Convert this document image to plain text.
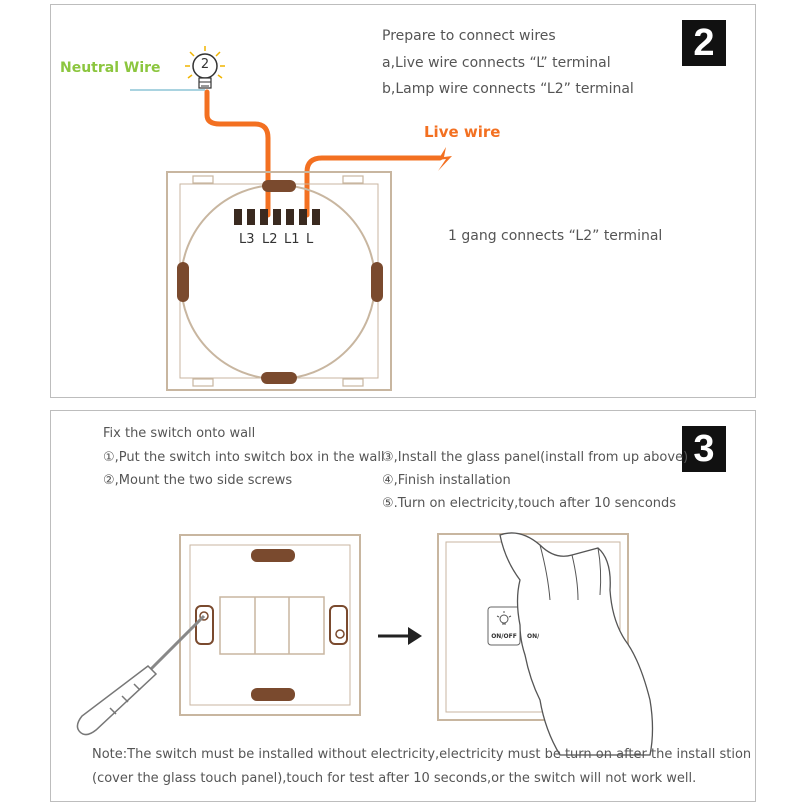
2
Prepare to connect wires
a,Live wire connects “L” terminal
b,Lamp wire connects “L2” terminal
Neutral Wire
Live wire
2
L3 L2 L1 L	1 gang connects “L2” terminal
3
Fix the switch onto wall
①,Put the switch into switch box in the wall
②,Mount the two side screws
③,Install the glass panel(install from up above)
④,Finish installation
⑤.Turn on electricity,touch after 10 senconds
ON/OFF ON/
Note:The switch must be installed without electricity,electricity must be turn on after the install stion
(cover the glass touch panel),touch for test after 10 seconds,or the switch will not work well.
